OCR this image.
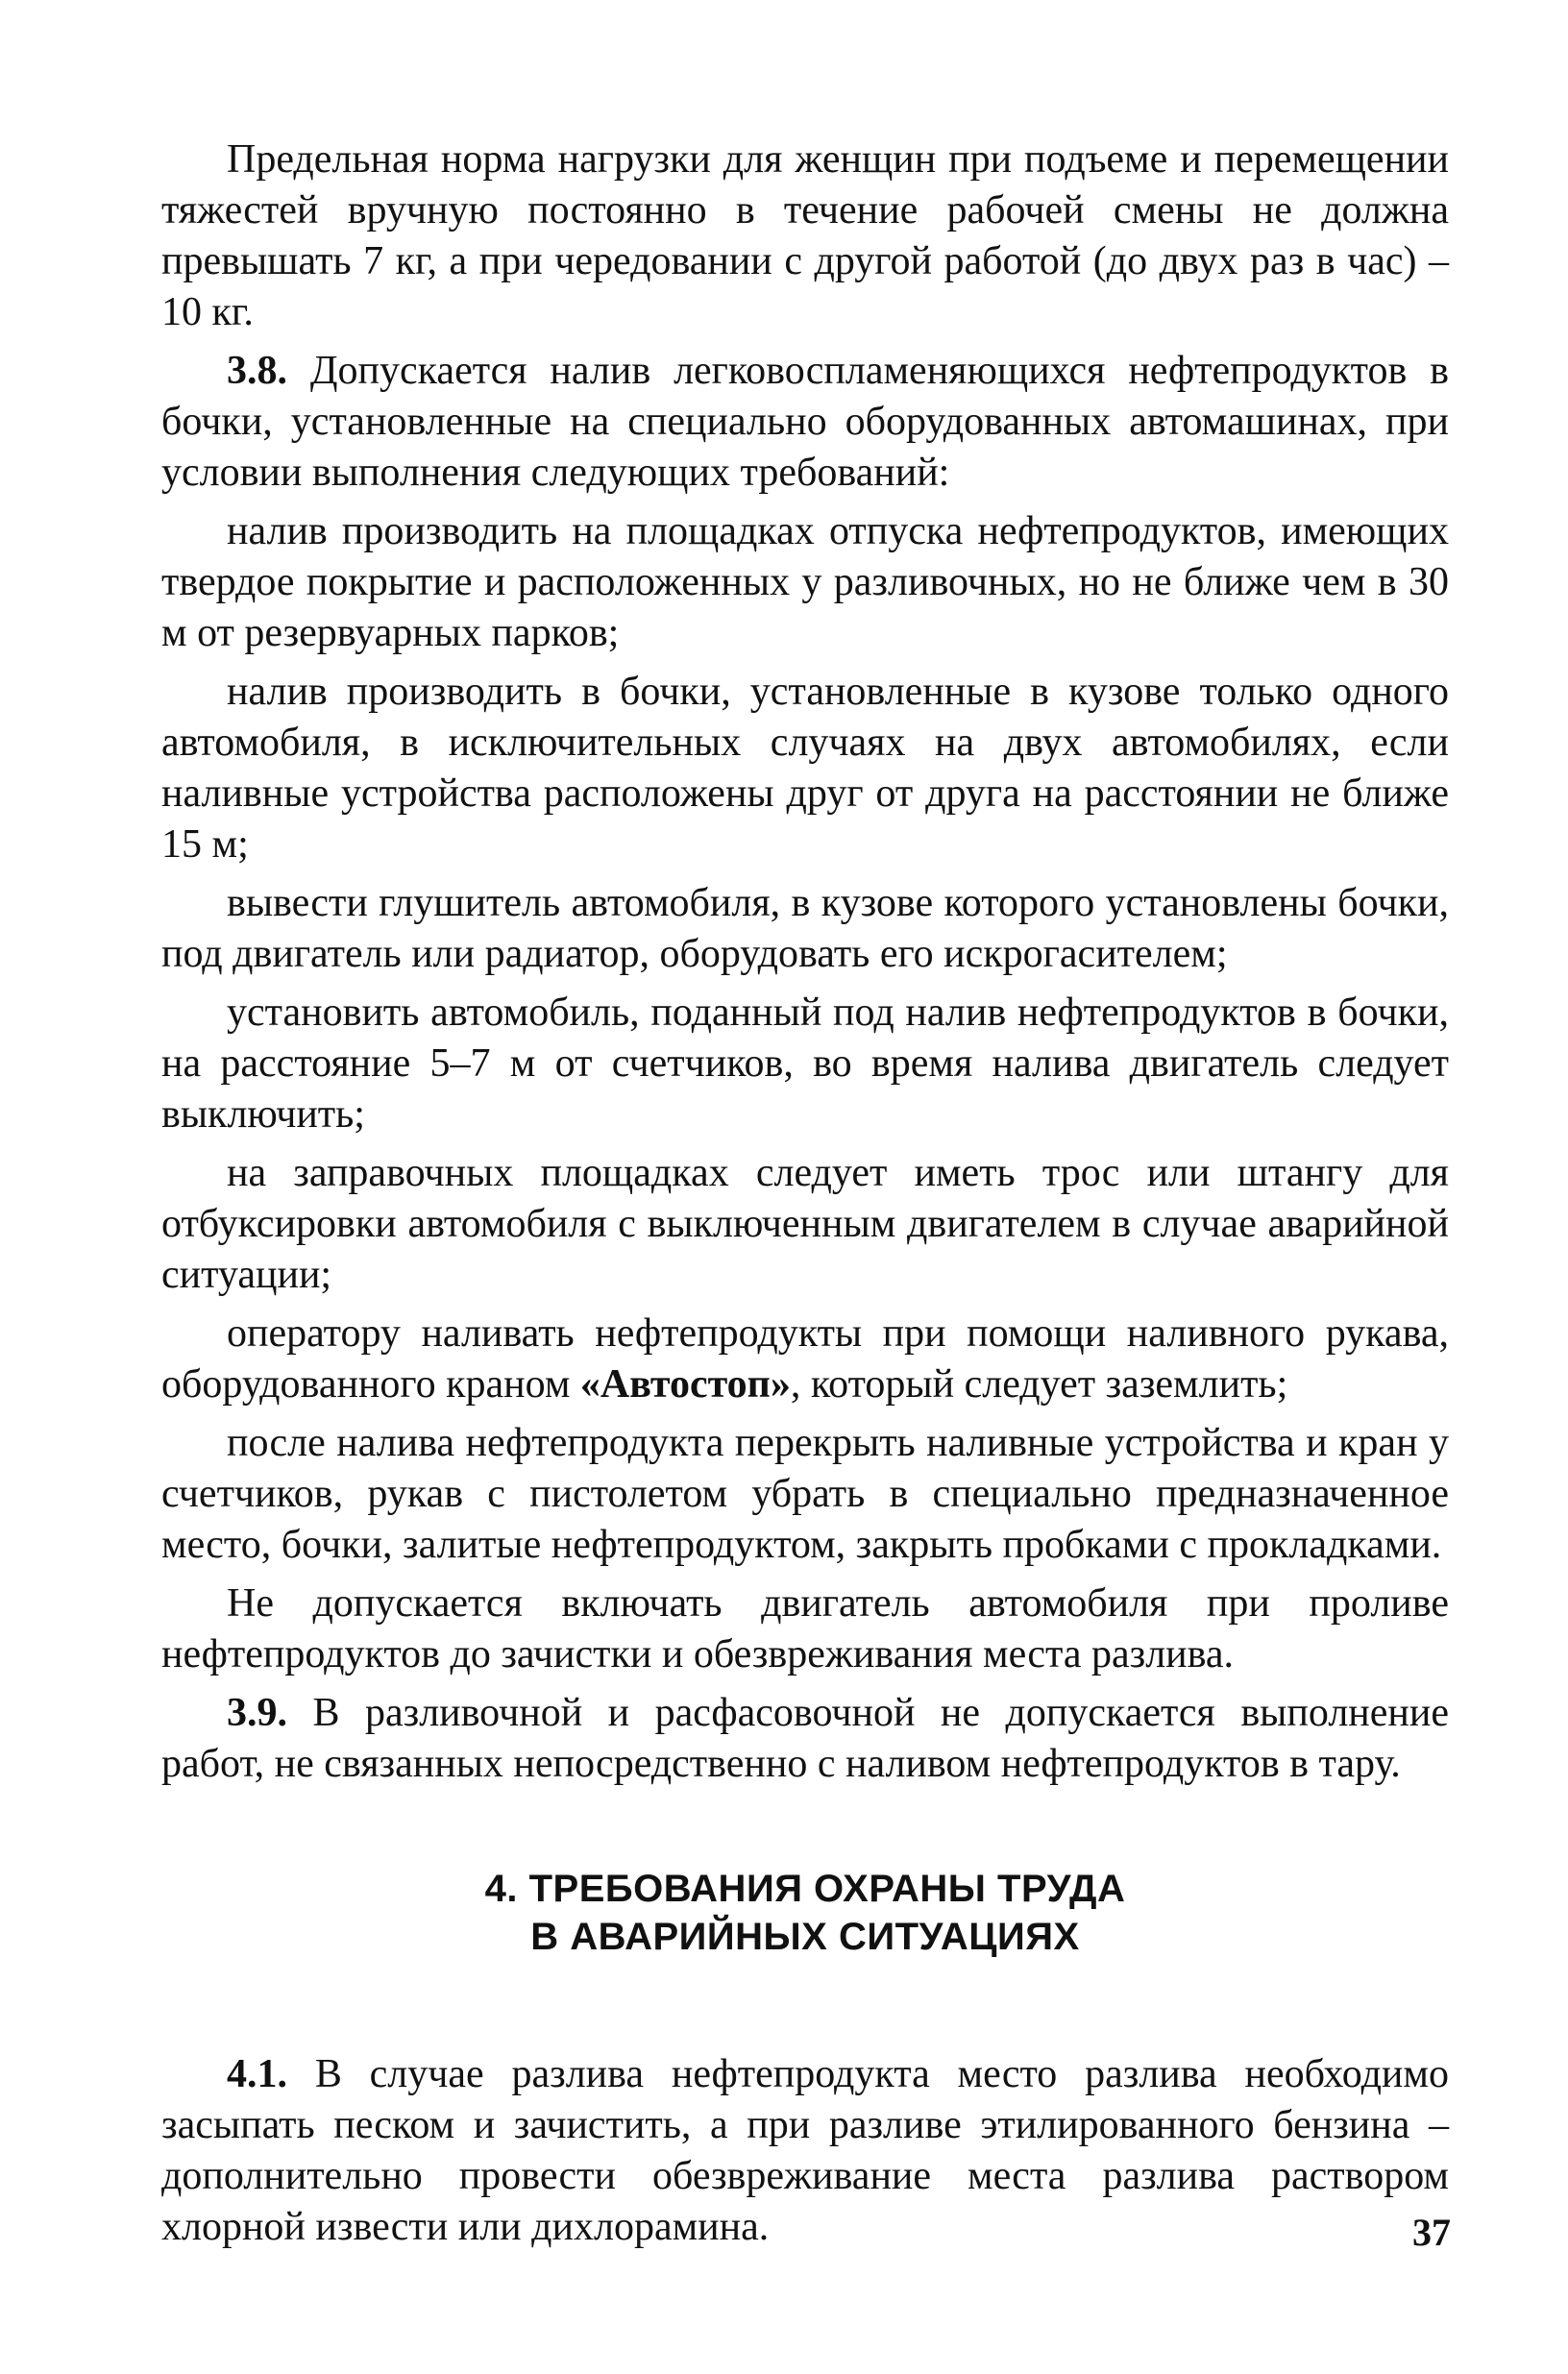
Предельная норма нагрузки для женщин при подъеме и перемещении тяжестей вручную постоянно в течение рабочей смены не должна превышать 7 кг, а при чередовании с другой работой (до двух раз в час) – 10 кг.

3.8. Допускается налив легковоспламеняющихся нефтепродуктов в бочки, установленные на специально оборудованных автомашинах, при условии выполнения следующих требований:

налив производить на площадках отпуска нефтепродуктов, имеющих твердое покрытие и расположенных у разливочных, но не ближе чем в 30 м от резервуарных парков;

налив производить в бочки, установленные в кузове только одного автомобиля, в исключительных случаях на двух автомобилях, если наливные устройства расположены друг от друга на расстоянии не ближе 15 м;

вывести глушитель автомобиля, в кузове которого установлены бочки, под двигатель или радиатор, оборудовать его искрогасителем;

установить автомобиль, поданный под налив нефтепродуктов в бочки, на расстояние 5–7 м от счетчиков, во время налива двигатель следует выключить;

на заправочных площадках следует иметь трос или штангу для отбуксировки автомобиля с выключенным двигателем в случае аварийной ситуации;

оператору наливать нефтепродукты при помощи наливного рукава, оборудованного краном «Автостоп», который следует заземлить;

после налива нефтепродукта перекрыть наливные устройства и кран у счетчиков, рукав с пистолетом убрать в специально предназначенное место, бочки, залитые нефтепродуктом, закрыть пробками с прокладками.

Не допускается включать двигатель автомобиля при проливе нефтепродуктов до зачистки и обезвреживания места разлива.

3.9. В разливочной и расфасовочной не допускается выполнение работ, не связанных непосредственно с наливом нефтепродуктов в тару.

4. ТРЕБОВАНИЯ ОХРАНЫ ТРУДА
В АВАРИЙНЫХ СИТУАЦИЯХ

4.1. В случае разлива нефтепродукта место разлива необходимо засыпать песком и зачистить, а при разливе этилированного бензина – дополнительно провести обезвреживание места разлива раствором хлорной извести или дихлорамина.	37
